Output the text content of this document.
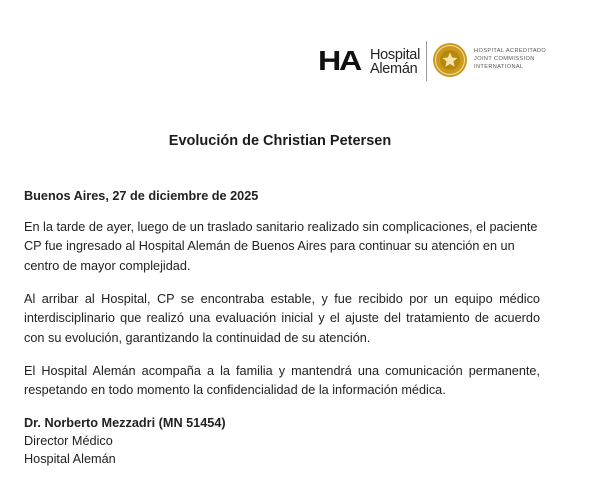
HA Hospital
Alemán
HOSPITAL ACREDITADO
JOINT COMMISSION
INTERNATIONAL
Evolución de Christian Petersen

Buenos Aires, 27 de diciembre de 2025

En la tarde de ayer, luego de un traslado sanitario realizado sin complicaciones, el paciente CP fue ingresado al Hospital Alemán de Buenos Aires para continuar su atención en un centro de mayor complejidad.

Al arribar al Hospital, CP se encontraba estable, y fue recibido por un equipo médico interdisciplinario que realizó una evaluación inicial y el ajuste del tratamiento de acuerdo con su evolución, garantizando la continuidad de su atención.

El Hospital Alemán acompaña a la familia y mantendrá una comunicación permanente, respetando en todo momento la confidencialidad de la información médica.

Dr. Norberto Mezzadri (MN 51454)
Director Médico
Hospital Alemán
